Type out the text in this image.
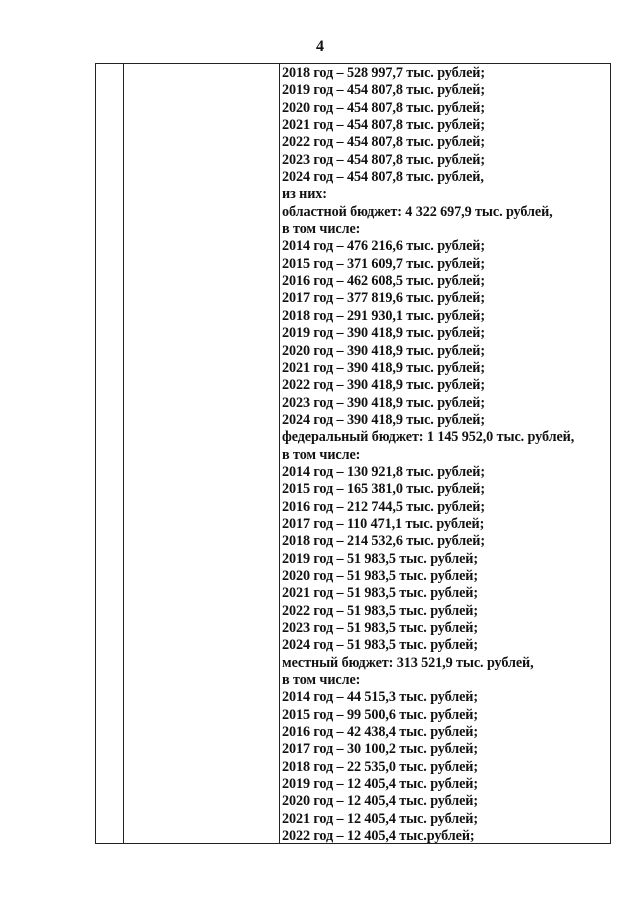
4
2018 год – 528 997,7 тыс. рублей;
2019 год – 454 807,8 тыс. рублей;
2020 год – 454 807,8 тыс. рублей;
2021 год – 454 807,8 тыс. рублей;
2022 год – 454 807,8 тыс. рублей;
2023 год – 454 807,8 тыс. рублей;
2024 год – 454 807,8 тыс. рублей,
из них:
областной бюджет: 4 322 697,9 тыс. рублей,
в том числе:
2014 год – 476 216,6 тыс. рублей;
2015 год – 371 609,7 тыс. рублей;
2016 год – 462 608,5 тыс. рублей;
2017 год – 377 819,6 тыс. рублей;
2018 год – 291 930,1 тыс. рублей;
2019 год – 390 418,9 тыс. рублей;
2020 год – 390 418,9 тыс. рублей;
2021 год – 390 418,9 тыс. рублей;
2022 год – 390 418,9 тыс. рублей;
2023 год – 390 418,9 тыс. рублей;
2024 год – 390 418,9 тыс. рублей;
федеральный бюджет: 1 145 952,0 тыс. рублей,
в том числе:
2014 год – 130 921,8 тыс. рублей;
2015 год – 165 381,0 тыс. рублей;
2016 год – 212 744,5 тыс. рублей;
2017 год – 110 471,1 тыс. рублей;
2018 год – 214 532,6 тыс. рублей;
2019 год – 51 983,5 тыс. рублей;
2020 год – 51 983,5 тыс. рублей;
2021 год – 51 983,5 тыс. рублей;
2022 год – 51 983,5 тыс. рублей;
2023 год – 51 983,5 тыс. рублей;
2024 год – 51 983,5 тыс. рублей;
местный бюджет: 313 521,9 тыс. рублей,
в том числе:
2014 год – 44 515,3 тыс. рублей;
2015 год – 99 500,6 тыс. рублей;
2016 год – 42 438,4 тыс. рублей;
2017 год – 30 100,2 тыс. рублей;
2018 год – 22 535,0 тыс. рублей;
2019 год – 12 405,4 тыс. рублей;
2020 год – 12 405,4 тыс. рублей;
2021 год – 12 405,4 тыс. рублей;
2022 год – 12 405,4 тыс.рублей;
